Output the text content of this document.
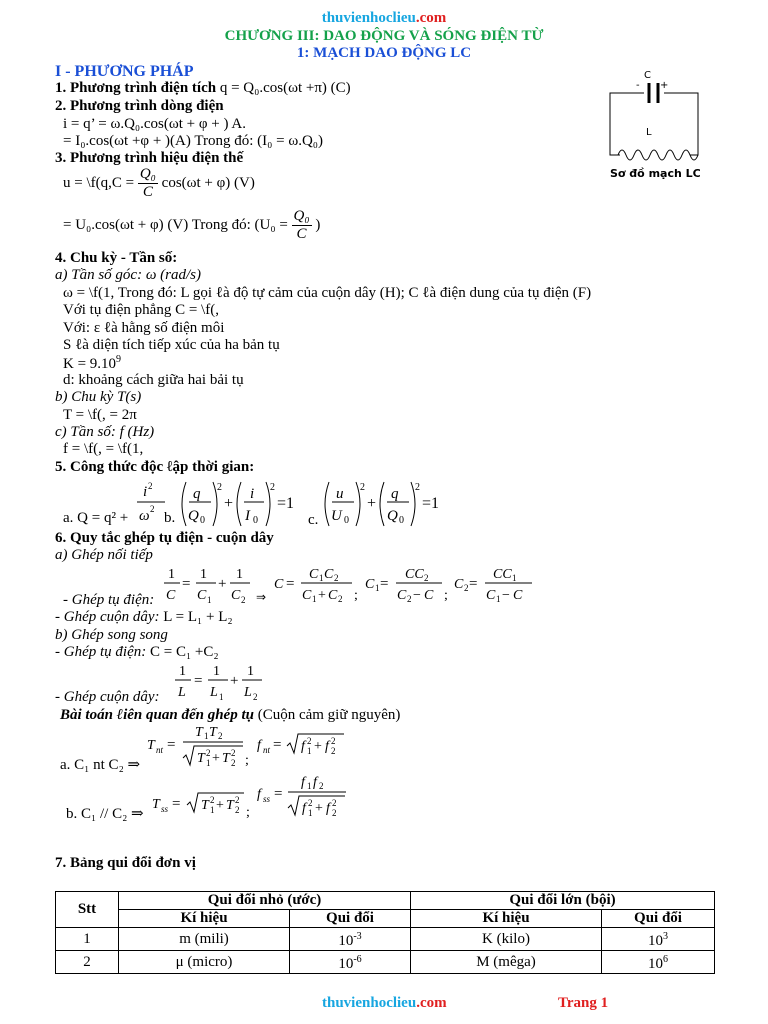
thuvienhoclieu.com
CHƯƠNG III: DAO ĐỘNG VÀ SÓNG ĐIỆN TỪ
1: MẠCH DAO ĐỘNG LC
C
- +
L
Sơ đồ mạch LC
I - PHƯƠNG PHÁP
1. Phương trình điện tích q = Q₀.cos(ωt +π) (C)
2. Phương trình dòng điện
i = q’ = ω.Q₀.cos(ωt + φ + ) A.
= I₀.cos(ωt +φ + )(A) Trong đó: (I₀ = ω.Q₀)
3. Phương trình hiệu điện thế
u = \f(q,C = $\frac{\text{Q₀}}{C} \cos(\omega t + \varphi)$ (V)
= U₀.cos(ωt + φ) (V) Trong đó: ($U_0 = \frac{\text{Q₀}}{C}$ )
4. Chu kỳ - Tần số:
a) Tần số góc: ω (rad/s)
ω = \f(1, Trong đó: L gọi ℓà độ tự cảm của cuộn dây (H); C ℓà điện dung của tụ điện (F)
Với tụ điện phẳng C = \f(,
Với: ε ℓà hằng số điện môi
S ℓà diện tích tiếp xúc của ha bản tụ
$K = 9.10^9$
d: khoảng cách giữa hai bải tụ
b) Chu kỳ T(s)
T = \f(, = 2π
c) Tần số: f (Hz)
f = \f(, = \f(1,
5. Công thức độc ℓập thời gian:
a. Q = q² +
i 2
ω 2
b.
q
Q 0
2
+
i
I 0
2
=1
c.
u
U 0
2
+
q
Q 0
2
=1
6. Quy tắc ghép tụ điện - cuộn dây
a) Ghép nối tiếp
1
C
=
1
C 1
+
1
C 2 ⇒
C =
C 1 C 2
C 1 + C 2 ;
C 1 =
CC 2
C 2 − C ;
C 2 =
CC 1
C 1 − C
- Ghép tụ điện:
- Ghép cuộn dây: L = L₁ + L₂
b) Ghép song song
- Ghép tụ điện: C = C₁ +C₂
1
L
=
1
L 1
+
1
L 2
- Ghép cuộn dây:
Bài toán ℓiên quan đến ghép tụ (Cuộn cảm giữ nguyên)
a. C₁ nt C₂ ⇒
T nt =
T 1 T 2
T 2
1 + T 2
2 ;
f nt = f 2
1 + f 2
2
b. C₁ // C₂ ⇒
T ss = T 2
1 + T 2
2 ;
f ss =
f 1 f 2
f 2
1 + f 2
2
7. Bảng qui đổi đơn vị
Stt	Qui đổi nhỏ (ước)		Qui đổi lớn (bội)	
	Kí hiệu	Qui đổi	Kí hiệu	Qui đổi
1	m (mili)	$10^{-3}$	K (kilo)	$10^3$
2	μ (micro)	$10^{-6}$	M (mêga)	$10^6$
thuvienhoclieu.com	Trang 1
